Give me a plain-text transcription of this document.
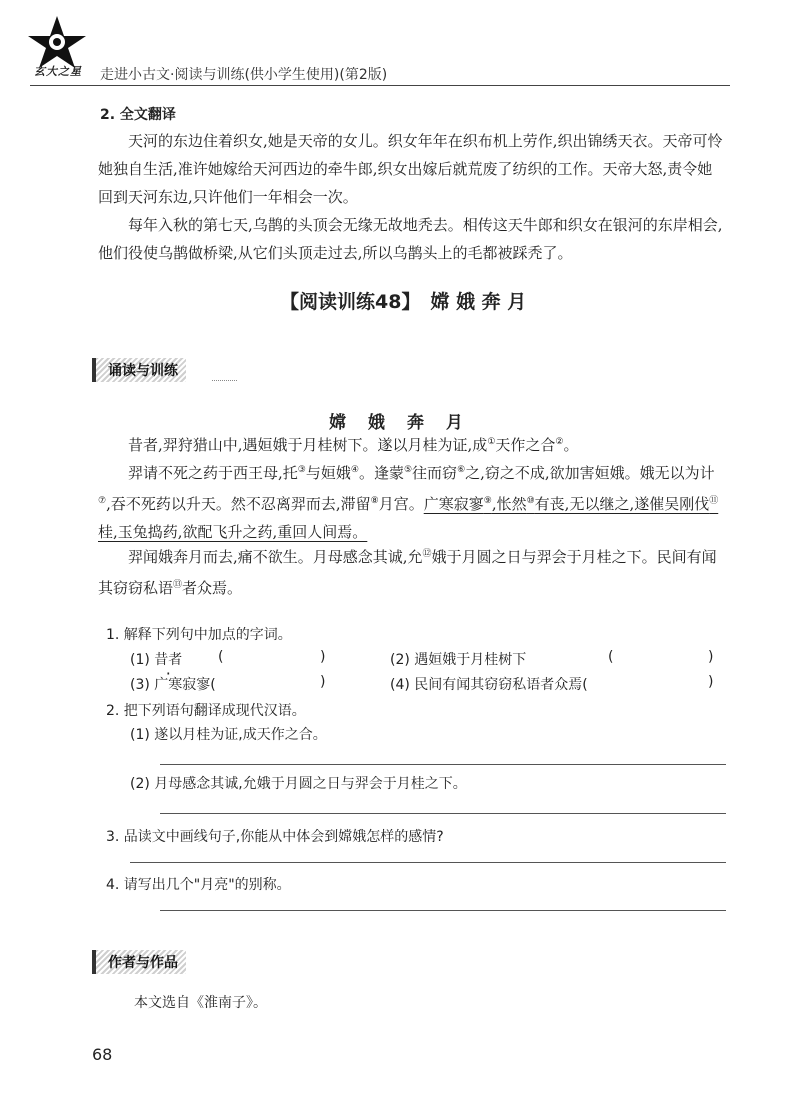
玄大之星 走进小古文·阅读与训练(供小学生使用)(第2版)
2. 全文翻译
天河的东边住着织女,她是天帝的女儿。织女年年在织布机上劳作,织出锦绣天衣。天帝可怜她独自生活,准许她嫁给天河西边的牵牛郎,织女出嫁后就荒废了纺织的工作。天帝大怒,责令她回到天河东边,只许他们一年相会一次。
每年入秋的第七天,乌鹊的头顶会无缘无故地秃去。相传这天牛郎和织女在银河的东岸相会,他们役使乌鹊做桥梁,从它们头顶走过去,所以乌鹊头上的毛都被踩秃了。
【阅读训练48】 嫦 娥 奔 月
诵读与训练
嫦 娥 奔 月
昔者,羿狩猎山中,遇姮娥于月桂树下。遂以月桂为证,成①天作之合②。
羿请不死之药于西王母,托③与姮娥④。逢蒙⑤往而窃⑥之,窃之不成,欲加害姮娥。娥无以为计⑦,吞不死药以升天。然不忍离羿而去,滞留⑧月宫。广寒寂寥⑨,怅然⑩有丧,无以继之,遂催吴刚伐⑪桂,玉兔捣药,欲配飞升之药,重回人间焉。
羿闻娥奔月而去,痛不欲生。月母感念其诚,允⑫娥于月圆之日与羿会于月桂之下。民间有闻其窃窃私语⑬者众焉。
1. 解释下列句中加点的字词。
(1) 昔者	(	)	(2) 遇姮娥于月桂树下	(	)
(3) 广寒寂寥(	)	(4) 民间有闻其窃窃私语者众焉(	)
2. 把下列语句翻译成现代汉语。
(1) 遂以月桂为证,成天作之合。
(2) 月母感念其诚,允娥于月圆之日与羿会于月桂之下。
3. 品读文中画线句子,你能从中体会到嫦娥怎样的感情?
4. 请写出几个"月亮"的别称。
作者与作品
本文选自《淮南子》。
68
